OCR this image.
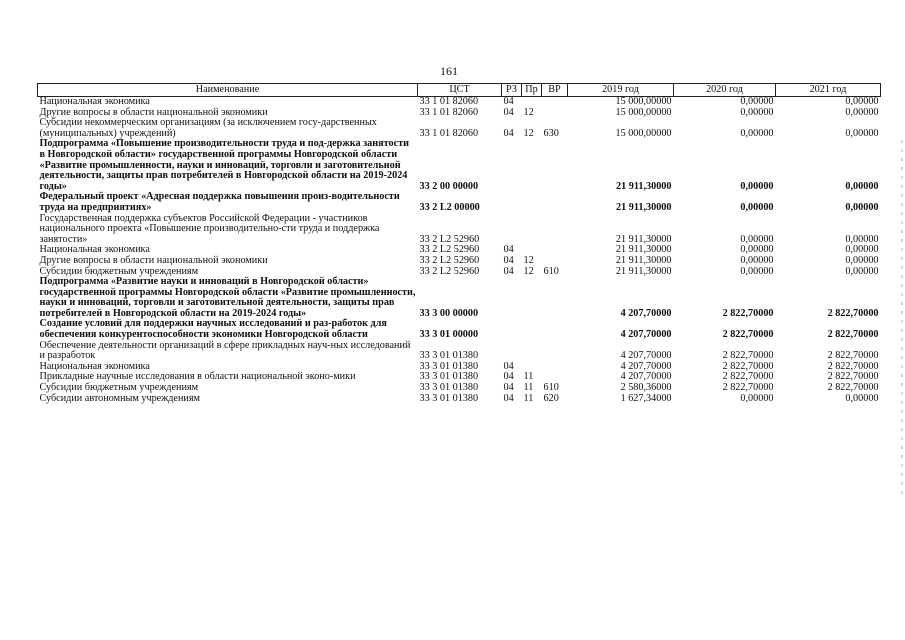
161
Наименование	ЦСТ	РЗ	Пр	ВР	2019 год	2020 год	2021 год
Национальная экономика	33 1 01 82060	04			15 000,00000	0,00000	0,00000
Другие вопросы в области национальной экономики	33 1 01 82060	04	12		15 000,00000	0,00000	0,00000
Субсидии некоммерческим организациям (за исключением госу-дарственных (муниципальных) учреждений)	33 1 01 82060	04	12	630	15 000,00000	0,00000	0,00000
Подпрограмма «Повышение производительности труда и под-держка занятости в Новгородской области» государственной программы Новгородской области «Развитие промышленности, науки и инноваций, торговли и заготовительной деятельности, защиты прав потребителей в Новгородской области на 2019-2024 годы»	33 2 00 00000				21 911,30000	0,00000	0,00000
Федеральный проект «Адресная поддержка повышения произ-водительности труда на предприятиях»	33 2 L2 00000				21 911,30000	0,00000	0,00000
Государственная поддержка субъектов Российской Федерации - участников национального проекта «Повышение производительно-сти труда и поддержка занятости»	33 2 L2 52960				21 911,30000	0,00000	0,00000
Национальная экономика	33 2 L2 52960	04			21 911,30000	0,00000	0,00000
Другие вопросы в области национальной экономики	33 2 L2 52960	04	12		21 911,30000	0,00000	0,00000
Субсидии бюджетным учреждениям	33 2 L2 52960	04	12	610	21 911,30000	0,00000	0,00000
Подпрограмма «Развитие науки и инноваций в Новгородской области» государственной программы Новгородской области «Развитие промышленности, науки и инноваций, торговли и заготовительной деятельности, защиты прав потребителей в Новгородской области на 2019-2024 годы»	33 3 00 00000				4 207,70000	2 822,70000	2 822,70000
Создание условий для поддержки научных исследований и раз-работок для обеспечения конкурентоспособности экономики Новгородской области	33 3 01 00000				4 207,70000	2 822,70000	2 822,70000
Обеспечение деятельности организаций в сфере прикладных науч-ных исследований и разработок	33 3 01 01380				4 207,70000	2 822,70000	2 822,70000
Национальная экономика	33 3 01 01380	04			4 207,70000	2 822,70000	2 822,70000
Прикладные научные исследования в области национальной эконо-мики	33 3 01 01380	04	11		4 207,70000	2 822,70000	2 822,70000
Субсидии бюджетным учреждениям	33 3 01 01380	04	11	610	2 580,36000	2 822,70000	2 822,70000
Субсидии автономным учреждениям	33 3 01 01380	04	11	620	1 627,34000	0,00000	0,00000
